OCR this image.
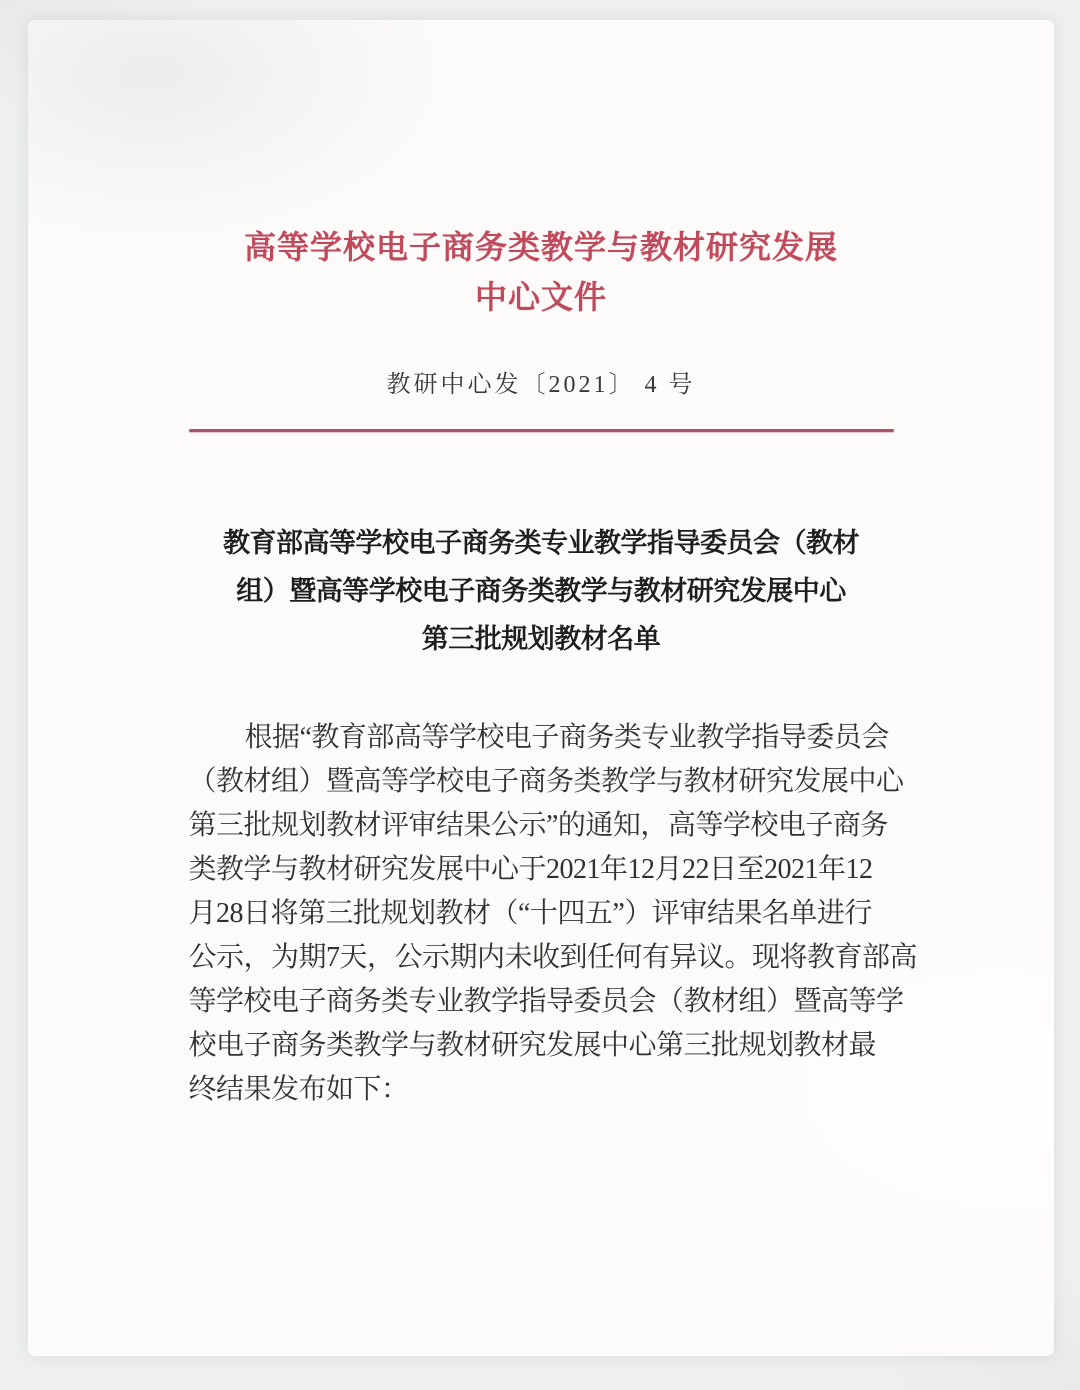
高等学校电子商务类教学与教材研究发展
中心文件
教研中心发〔2021〕 4 号
教育部高等学校电子商务类专业教学指导委员会（教材
组）暨高等学校电子商务类教学与教材研究发展中心
第三批规划教材名单
根据“教育部高等学校电子商务类专业教学指导委员会
（教材组）暨高等学校电子商务类教学与教材研究发展中心
第三批规划教材评审结果公示”的通知，高等学校电子商务
类教学与教材研究发展中心于2021年12月22日至2021年12
月28日将第三批规划教材（“十四五”）评审结果名单进行
公示，为期7天，公示期内未收到任何有异议。现将教育部高
等学校电子商务类专业教学指导委员会（教材组）暨高等学
校电子商务类教学与教材研究发展中心第三批规划教材最
终结果发布如下：
